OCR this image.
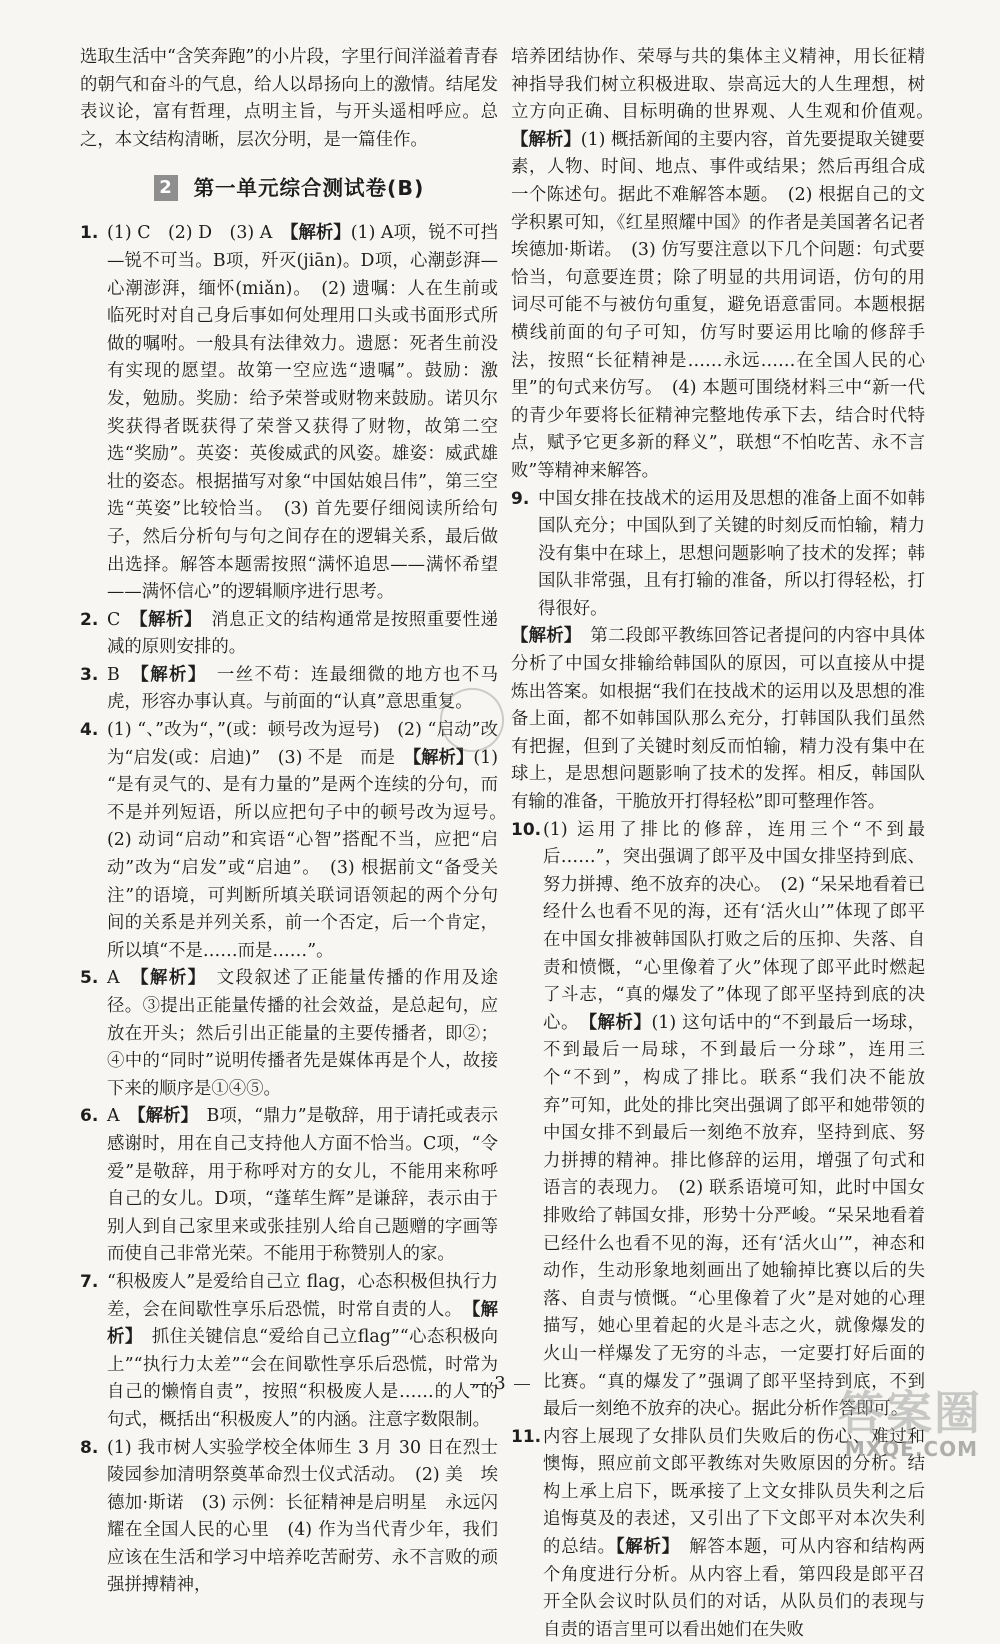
选取生活中“含笑奔跑”的小片段，字里行间洋溢着青春的朝气和奋斗的气息，给人以昂扬向上的激情。结尾发表议论，富有哲理，点明主旨，与开头遥相呼应。总之，本文结构清晰，层次分明，是一篇佳作。

2 第一单元综合测试卷(B)
1. (1) C　(2) D　(3) A　【解析】(1) A项，锐不可挡—锐不可当。B项，歼灭(jiān)。D项，心潮彭湃—心潮澎湃，缅怀(miǎn)。　(2) 遗嘱：人在生前或临死时对自己身后事如何处理用口头或书面形式所做的嘱咐。一般具有法律效力。遗愿：死者生前没有实现的愿望。故第一空应选“遗嘱”。鼓励：激发，勉励。奖励：给予荣誉或财物来鼓励。诺贝尔奖获得者既获得了荣誉又获得了财物，故第二空选“奖励”。英姿：英俊威武的风姿。雄姿：威武雄壮的姿态。根据描写对象“中国姑娘吕伟”，第三空选“英姿”比较恰当。　(3) 首先要仔细阅读所给句子，然后分析句与句之间存在的逻辑关系，最后做出选择。解答本题需按照“满怀追思——满怀希望——满怀信心”的逻辑顺序进行思考。
2. C　【解析】　消息正文的结构通常是按照重要性递减的原则安排的。
3. B　【解析】　一丝不苟：连最细微的地方也不马虎，形容办事认真。与前面的“认真”意思重复。
4. (1) “、”改为“，”(或：顿号改为逗号)　(2) “启动”改为“启发(或：启迪)”　(3) 不是　而是　【解析】(1) “是有灵气的、是有力量的”是两个连续的分句，而不是并列短语，所以应把句子中的顿号改为逗号。　(2) 动词“启动”和宾语“心智”搭配不当，应把“启动”改为“启发”或“启迪”。　(3) 根据前文“备受关注”的语境，可判断所填关联词语领起的两个分句间的关系是并列关系，前一个否定，后一个肯定，所以填“不是……而是……”。
5. A　【解析】　文段叙述了正能量传播的作用及途径。③提出正能量传播的社会效益，是总起句，应放在开头；然后引出正能量的主要传播者，即②；④中的“同时”说明传播者先是媒体再是个人，故接下来的顺序是①④⑤。
6. A　【解析】　B项，“鼎力”是敬辞，用于请托或表示感谢时，用在自己支持他人方面不恰当。C项，“令爱”是敬辞，用于称呼对方的女儿，不能用来称呼自己的女儿。D项，“蓬荜生辉”是谦辞，表示由于别人到自己家里来或张挂别人给自己题赠的字画等而使自己非常光荣。不能用于称赞别人的家。
7. “积极废人”是爱给自己立 flag，心态积极但执行力差，会在间歇性享乐后恐慌，时常自责的人。　【解析】　抓住关键信息“爱给自己立flag”“心态积极向上”“执行力太差”“会在间歇性享乐后恐慌，时常为自己的懒惰自责”，按照“积极废人是……的人”的句式，概括出“积极废人”的内涵。注意字数限制。
8. (1) 我市树人实验学校全体师生 3 月 30 日在烈士陵园参加清明祭奠革命烈士仪式活动。　(2) 美　埃德加·斯诺　(3) 示例：长征精神是启明星　永远闪耀在全国人民的心里　(4) 作为当代青少年，我们应该在生活和学习中培养吃苦耐劳、永不言败的顽强拼搏精神，

培养团结协作、荣辱与共的集体主义精神，用长征精神指导我们树立积极进取、崇高远大的人生理想，树立方向正确、目标明确的世界观、人生观和价值观。　【解析】(1) 概括新闻的主要内容，首先要提取关键要素，人物、时间、地点、事件或结果；然后再组合成一个陈述句。据此不难解答本题。　(2) 根据自己的文学积累可知，《红星照耀中国》的作者是美国著名记者埃德加·斯诺。　(3) 仿写要注意以下几个问题：句式要恰当，句意要连贯；除了明显的共用词语，仿句的用词尽可能不与被仿句重复，避免语意雷同。本题根据横线前面的句子可知，仿写时要运用比喻的修辞手法，按照“长征精神是……永远……在全国人民的心里”的句式来仿写。　(4) 本题可围绕材料三中“新一代的青少年要将长征精神完整地传承下去，结合时代特点，赋予它更多新的释义”，联想“不怕吃苦、永不言败”等精神来解答。

9. 中国女排在技战术的运用及思想的准备上面不如韩国队充分；中国队到了关键的时刻反而怕输，精力没有集中在球上，思想问题影响了技术的发挥；韩国队非常强，且有打输的准备，所以打得轻松，打得很好。

【解析】　第二段郎平教练回答记者提问的内容中具体分析了中国女排输给韩国队的原因，可以直接从中提炼出答案。如根据“我们在技战术的运用以及思想的准备上面，都不如韩国队那么充分，打韩国队我们虽然有把握，但到了关键时刻反而怕输，精力没有集中在球上，是思想问题影响了技术的发挥。相反，韩国队有输的准备，干脆放开打得轻松”即可整理作答。

10. (1) 运用了排比的修辞，连用三个“不到最后……”，突出强调了郎平及中国女排坚持到底、努力拼搏、绝不放弃的决心。　(2) “呆呆地看着已经什么也看不见的海，还有‘活火山’”体现了郎平在中国女排被韩国队打败之后的压抑、失落、自责和愤慨，“心里像着了火”体现了郎平此时燃起了斗志，“真的爆发了”体现了郎平坚持到底的决心。　【解析】(1) 这句话中的“不到最后一场球，不到最后一局球，不到最后一分球”，连用三个“不到”，构成了排比。联系“我们决不能放弃”可知，此处的排比突出强调了郎平和她带领的中国女排不到最后一刻绝不放弃，坚持到底、努力拼搏的精神。排比修辞的运用，增强了句式和语言的表现力。　(2) 联系语境可知，此时中国女排败给了韩国女排，形势十分严峻。“呆呆地看着已经什么也看不见的海，还有‘活火山’”，神态和动作，生动形象地刻画出了她输掉比赛以后的失落、自责与愤慨。“心里像着了火”是对她的心理描写，她心里着起的火是斗志之火，就像爆发的火山一样爆发了无穷的斗志，一定要打好后面的比赛。“真的爆发了”强调了郎平坚持到底，不到最后一刻绝不放弃的决心。据此分析作答即可。
11. 内容上展现了女排队员们失败后的伤心、难过和懊悔，照应前文郎平教练对失败原因的分析。结构上承上启下，既承接了上文女排队员失利之后追悔莫及的表述，又引出了下文郎平对本次失利的总结。【解析】　解答本题，可从内容和结构两个角度进行分析。从内容上看，第四段是郎平召开全队会议时队员们的对话，从队员们的表现与自责的语言里可以看出她们在失败
3
答案圈
MXQE.COM
